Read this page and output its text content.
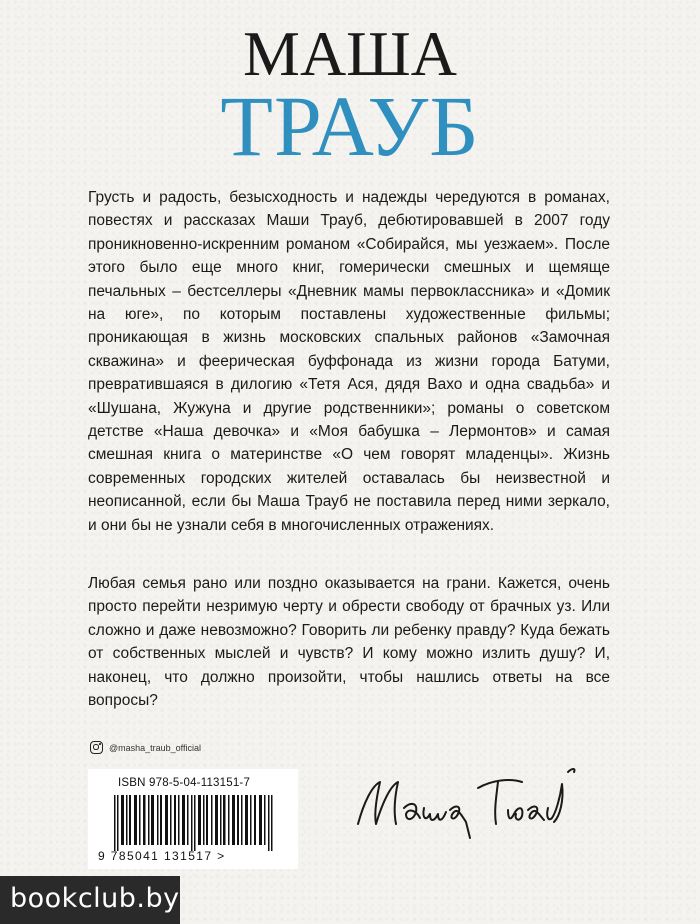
МАША
ТРАУБ

Грусть и радость, безысходность и надежды чередуются в романах, повестях и рассказах Маши Трауб, дебютировавшей в 2007 году проникновенно-искренним романом «Собирайся, мы уезжаем». После этого было еще много книг, гомерически смешных и щемяще печальных – бестселлеры «Дневник мамы первоклассника» и «Домик на юге», по которым поставлены художественные фильмы; проникающая в жизнь московских спальных районов «Замочная скважина» и феерическая буффонада из жизни города Батуми, превратившаяся в дилогию «Тетя Ася, дядя Вахо и одна свадьба» и «Шушана, Жужуна и другие родственники»; романы о советском детстве «Наша девочка» и «Моя бабушка – Лермонтов» и самая смешная книга о материнстве «О чем говорят младенцы». Жизнь современных городских жителей оставалась бы неизвестной и неописанной, если бы Маша Трауб не поставила перед ними зеркало, и они бы не узнали себя в многочисленных отражениях.

Любая семья рано или поздно оказывается на грани. Кажется, очень просто перейти незримую черту и обрести свободу от брачных уз. Или сложно и даже невозможно? Говорить ли ребенку правду? Куда бежать от собственных мыслей и чувств? И кому можно излить душу? И, наконец, что должно произойти, чтобы нашлись ответы на все вопросы?

@masha_traub_official
ISBN 978-5-04-113151-7
9 785041 131517 >
bookclub.by
